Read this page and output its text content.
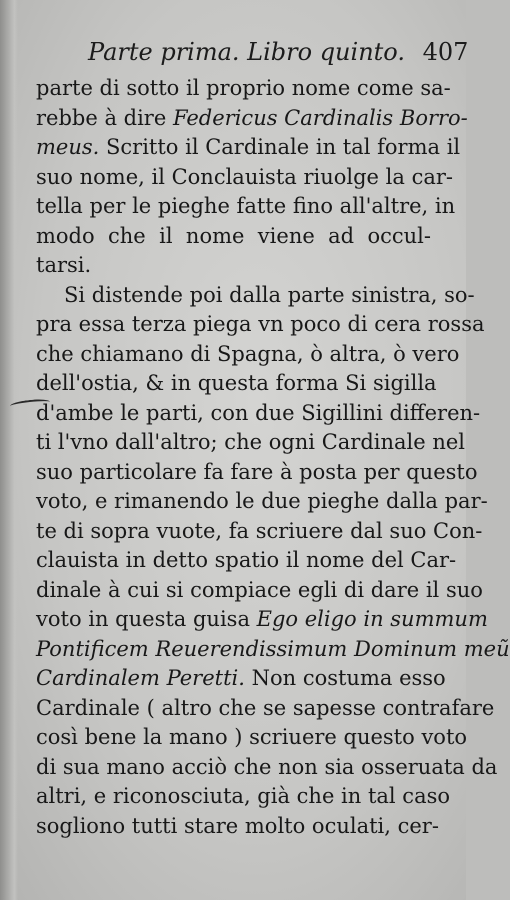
Parte prima. Libro quinto. 407
parte di sotto il proprio nome come sa-
rebbe à dire Federicus Cardinalis Borro-
meus. Scritto il Cardinale in tal forma il
suo nome, il Conclauista riuolge la car-
tella per le pieghe fatte fino all'altre, in
modo che il nome viene ad occul-
tarsi.
Si distende poi dalla parte sinistra, so-
pra essa terza piega vn poco di cera rossa
che chiamano di Spagna, ò altra, ò vero
dell'ostia, & in questa forma Si sigilla
d'ambe le parti, con due Sigillini differen-
ti l'vno dall'altro; che ogni Cardinale nel
suo particolare fa fare à posta per questo
voto, e rimanendo le due pieghe dalla par-
te di sopra vuote, fa scriuere dal suo Con-
clauista in detto spatio il nome del Car-
dinale à cui si compiace egli di dare il suo
voto in questa guisa Ego eligo in summum
Pontificem Reuerendissimum Dominum meũ
Cardinalem Peretti. Non costuma esso
Cardinale ( altro che se sapesse contrafare
così bene la mano ) scriuere questo voto
di sua mano acciò che non sia osseruata da
altri, e riconosciuta, già che in tal caso
sogliono tutti stare molto oculati, cer-
